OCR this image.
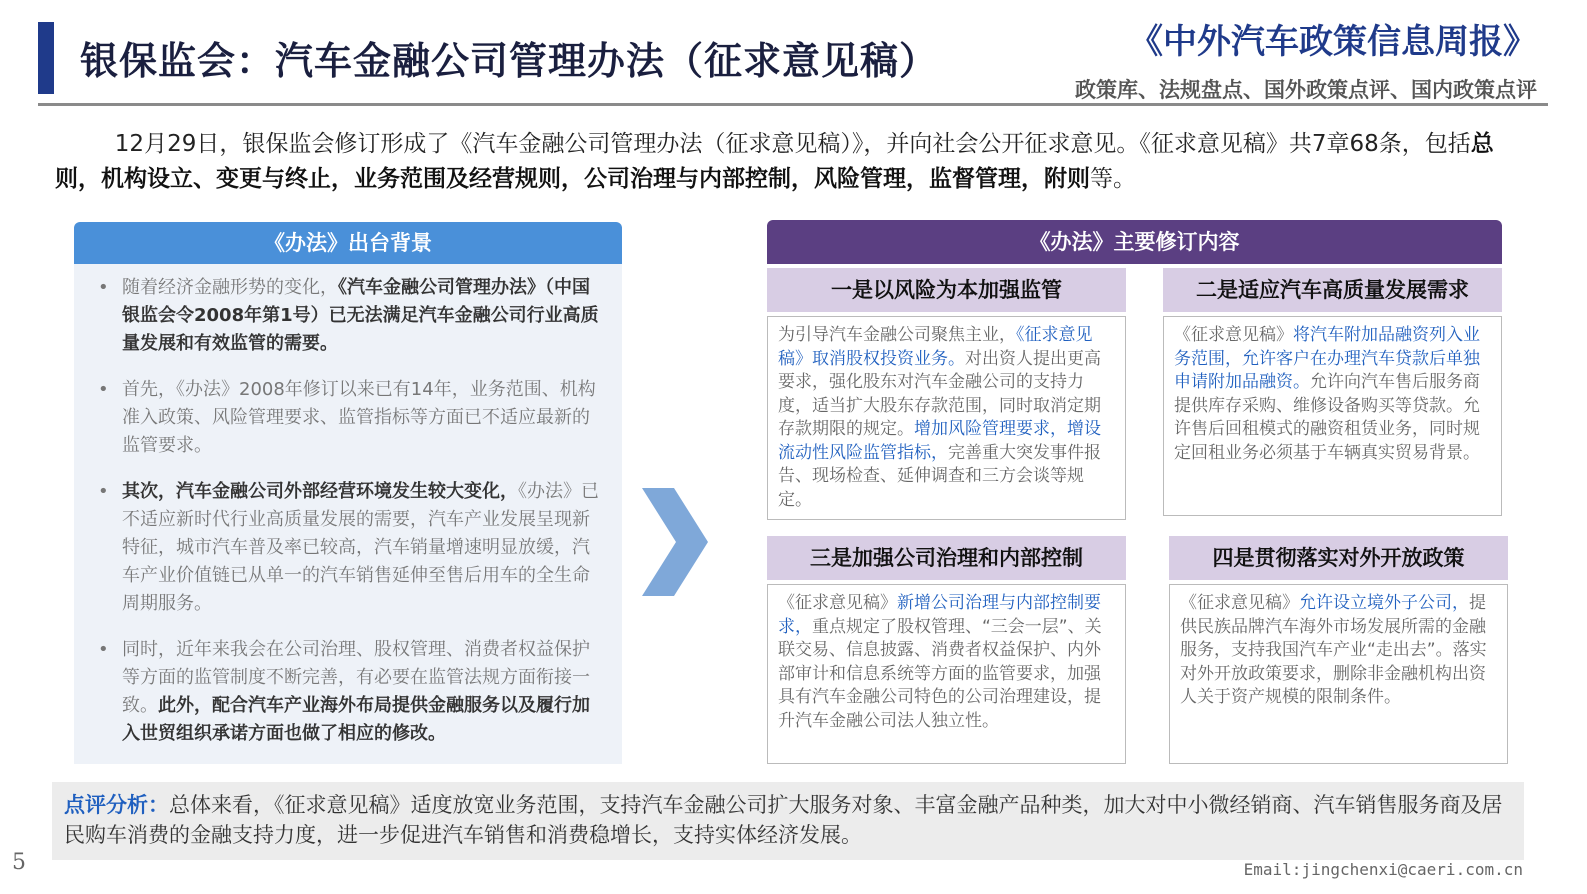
银保监会：汽车金融公司管理办法（征求意见稿）	《中外汽车政策信息周报》
政策库、法规盘点、国外政策点评、国内政策点评
12月29日，银保监会修订形成了《汽车金融公司管理办法（征求意见稿）》，并向社会公开征求意见。《征求意见稿》共7章68条，包括总则，机构设立、变更与终止，业务范围及经营规则，公司治理与内部控制，风险管理，监督管理，附则等。
《办法》出台背景
• 随着经济金融形势的变化，《汽车金融公司管理办法》（中国银监会令2008年第1号）已无法满足汽车金融公司行业高质量发展和有效监管的需要。
• 首先，《办法》2008年修订以来已有14年，业务范围、机构准入政策、风险管理要求、监管指标等方面已不适应最新的监管要求。
• 其次，汽车金融公司外部经营环境发生较大变化，《办法》已不适应新时代行业高质量发展的需要，汽车产业发展呈现新特征，城市汽车普及率已较高，汽车销量增速明显放缓，汽车产业价值链已从单一的汽车销售延伸至售后用车的全生命周期服务。
• 同时，近年来我会在公司治理、股权管理、消费者权益保护等方面的监管制度不断完善，有必要在监管法规方面衔接一致。此外，配合汽车产业海外布局提供金融服务以及履行加入世贸组织承诺方面也做了相应的修改。
《办法》主要修订内容
一是以风险为本加强监管
为引导汽车金融公司聚焦主业，《征求意见稿》取消股权投资业务。对出资人提出更高要求，强化股东对汽车金融公司的支持力度，适当扩大股东存款范围，同时取消定期存款期限的规定。增加风险管理要求，增设流动性风险监管指标，完善重大突发事件报告、现场检查、延伸调查和三方会谈等规定。
二是适应汽车高质量发展需求
《征求意见稿》将汽车附加品融资列入业务范围，允许客户在办理汽车贷款后单独申请附加品融资。允许向汽车售后服务商提供库存采购、维修设备购买等贷款。允许售后回租模式的融资租赁业务，同时规定回租业务必须基于车辆真实贸易背景。
三是加强公司治理和内部控制
《征求意见稿》新增公司治理与内部控制要求，重点规定了股权管理、“三会一层”、关联交易、信息披露、消费者权益保护、内外部审计和信息系统等方面的监管要求，加强具有汽车金融公司特色的公司治理建设，提升汽车金融公司法人独立性。
四是贯彻落实对外开放政策
《征求意见稿》允许设立境外子公司，提供民族品牌汽车海外市场发展所需的金融服务，支持我国汽车产业“走出去”。落实对外开放政策要求，删除非金融机构出资人关于资产规模的限制条件。
点评分析：总体来看，《征求意见稿》适度放宽业务范围，支持汽车金融公司扩大服务对象、丰富金融产品种类，加大对中小微经销商、汽车销售服务商及居民购车消费的金融支持力度，进一步促进汽车销售和消费稳增长，支持实体经济发展。
5	Email:jingchenxi@caeri.com.cn
